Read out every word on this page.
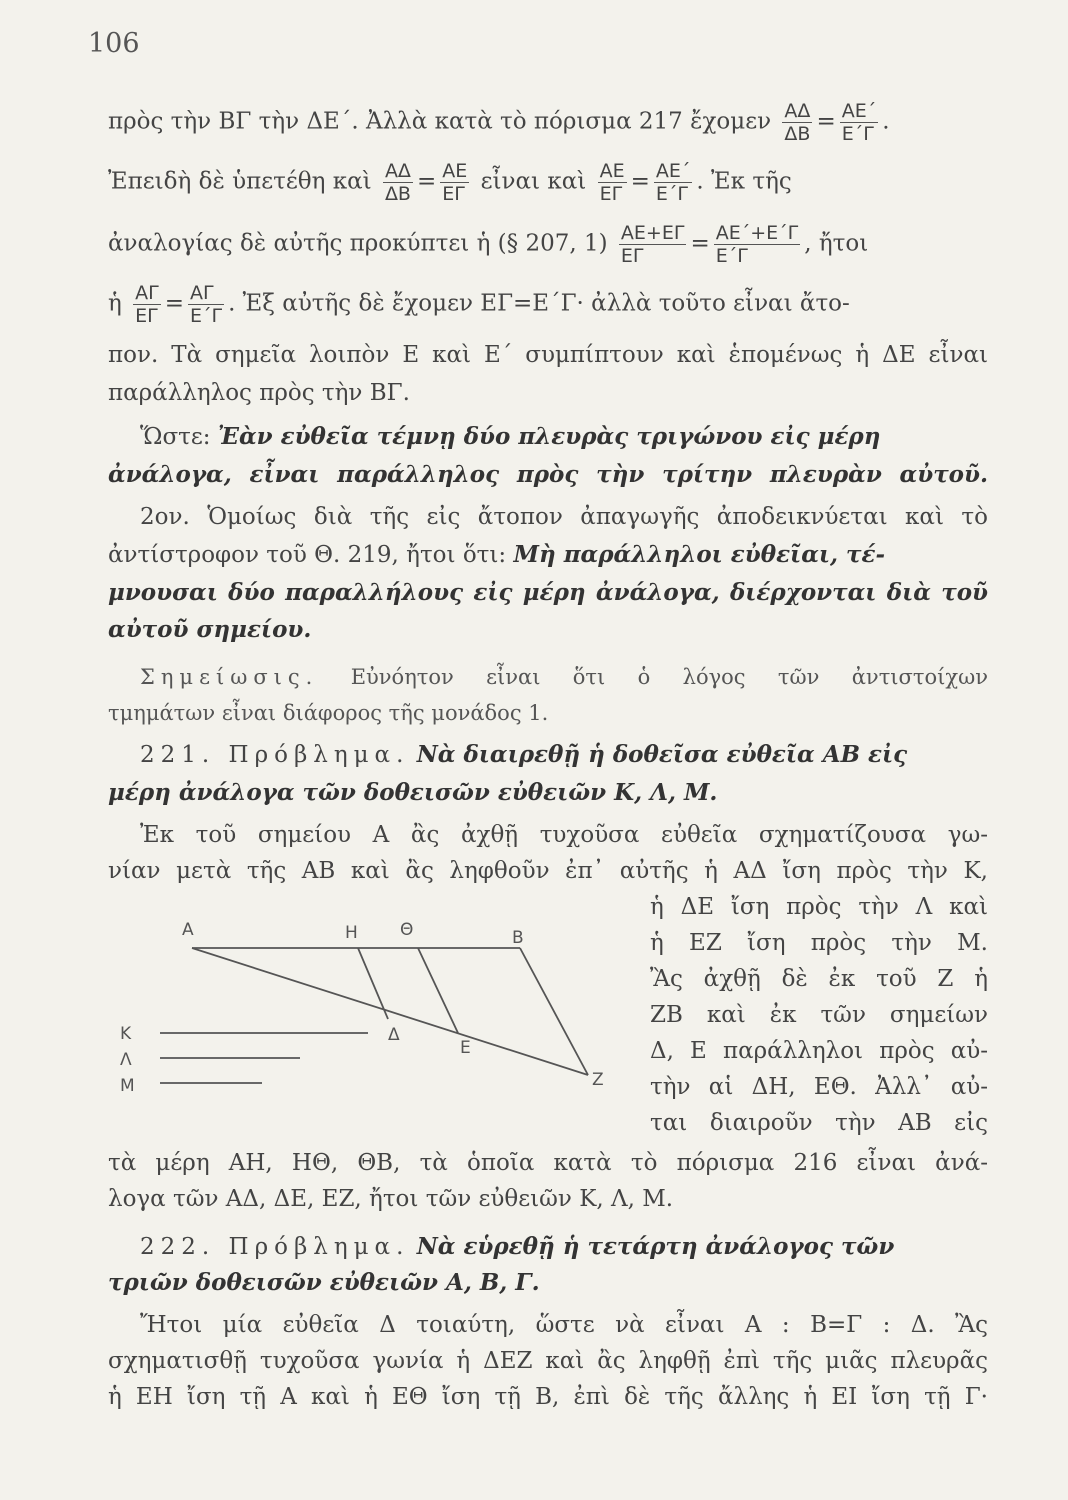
106
πρὸς τὴν ΒΓ τὴν ΔΕ΄. Ἀλλὰ κατὰ τὸ πόρισμα 217 ἔχομεν $\frac{A\Delta}{\Delta B} = \frac{AE΄}{E΄\Gamma}$ .
Ἐπειδὴ δὲ ὑπετέθη καὶ $\frac{A\Delta}{\Delta B} = \frac{AE}{E\Gamma}$ εἶναι καὶ $\frac{AE}{E\Gamma} = \frac{AE΄}{E΄\Gamma}$ . Ἐκ τῆς
ἀναλογίας δὲ αὐτῆς προκύπτει ἡ (§ 207, $1) \frac{AE+E\Gamma}{E\Gamma} = \frac{AE΄+E΄\Gamma}{E΄\Gamma}$ , ἤτοι
ἡ $\frac{A\Gamma}{E\Gamma} = \frac{A\Gamma}{E΄\Gamma}$ . Ἐξ αὐτῆς δὲ ἔχομεν ΕΓ=Ε΄Γ· ἀλλὰ τοῦτο εἶναι ἄτο-
πον. Τὰ σημεῖα λοιπὸν Ε καὶ Ε΄ συμπίπτουν καὶ ἑπομένως ἡ ΔΕ εἶναι
παράλληλος πρὸς τὴν ΒΓ.
Ὥστε: Ἐὰν εὐθεῖα τέμνῃ δύο πλευρὰς τριγώνου εἰς μέρη
ἀνάλογα, εἶναι παράλληλος πρὸς τὴν τρίτην πλευρὰν αὐτοῦ.
2ον. Ὁμοίως διὰ τῆς εἰς ἄτοπον ἀπαγωγῆς ἀποδεικνύεται καὶ τὸ
ἀντίστροφον τοῦ Θ. 219, ἤτοι ὅτι: Μὴ παράλληλοι εὐθεῖαι, τέ-
μνουσαι δύο παραλλήλους εἰς μέρη ἀνάλογα, διέρχονται διὰ τοῦ
αὐτοῦ σημείου.
Σημείωσις. Εὐνόητον εἶναι ὅτι ὁ λόγος τῶν ἀντιστοίχων
τμημάτων εἶναι διάφορος τῆς μονάδος 1.
221. Πρόβλημα. Νὰ διαιρεθῇ ἡ δοθεῖσα εὐθεῖα ΑΒ εἰς
μέρη ἀνάλογα τῶν δοθεισῶν εὐθειῶν Κ, Λ, Μ.
Ἐκ τοῦ σημείου Α ἂς ἀχθῇ τυχοῦσα εὐθεῖα σχηματίζουσα γω-
νίαν μετὰ τῆς ΑΒ καὶ ἂς ληφθοῦν ἐπ᾽ αὐτῆς ἡ ΑΔ ἴση πρὸς τὴν Κ,
ἡ ΔΕ ἴση πρὸς τὴν Λ καὶ
ἡ ΕΖ ἴση πρὸς τὴν Μ.
Ἂς ἀχθῇ δὲ ἐκ τοῦ Ζ ἡ
ΖΒ καὶ ἐκ τῶν σημείων
Δ, Ε παράλληλοι πρὸς αὐ-
τὴν αἱ ΔΗ, ΕΘ. Ἀλλ᾽ αὐ-
ται διαιροῦν τὴν ΑΒ εἰς
Α	Η Θ	Β
Δ
Ε
Ζ
Κ
Λ
Μ
τὰ μέρη ΑΗ, ΗΘ, ΘΒ, τὰ ὁποῖα κατὰ τὸ πόρισμα 216 εἶναι ἀνά-
λογα τῶν ΑΔ, ΔΕ, ΕΖ, ἤτοι τῶν εὐθειῶν Κ, Λ, Μ.
222. Πρόβλημα. Νὰ εὑρεθῇ ἡ τετάρτη ἀνάλογος τῶν
τριῶν δοθεισῶν εὐθειῶν Α, Β, Γ.
Ἤτοι μία εὐθεῖα Δ τοιαύτη, ὥστε νὰ εἶναι Α : Β=Γ : Δ. Ἂς
σχηματισθῇ τυχοῦσα γωνία ἡ ΔΕΖ καὶ ἂς ληφθῇ ἐπὶ τῆς μιᾶς πλευρᾶς
ἡ ΕΗ ἴση τῇ Α καὶ ἡ ΕΘ ἴση τῇ Β, ἐπὶ δὲ τῆς ἄλλης ἡ ΕΙ ἴση τῇ Γ·
